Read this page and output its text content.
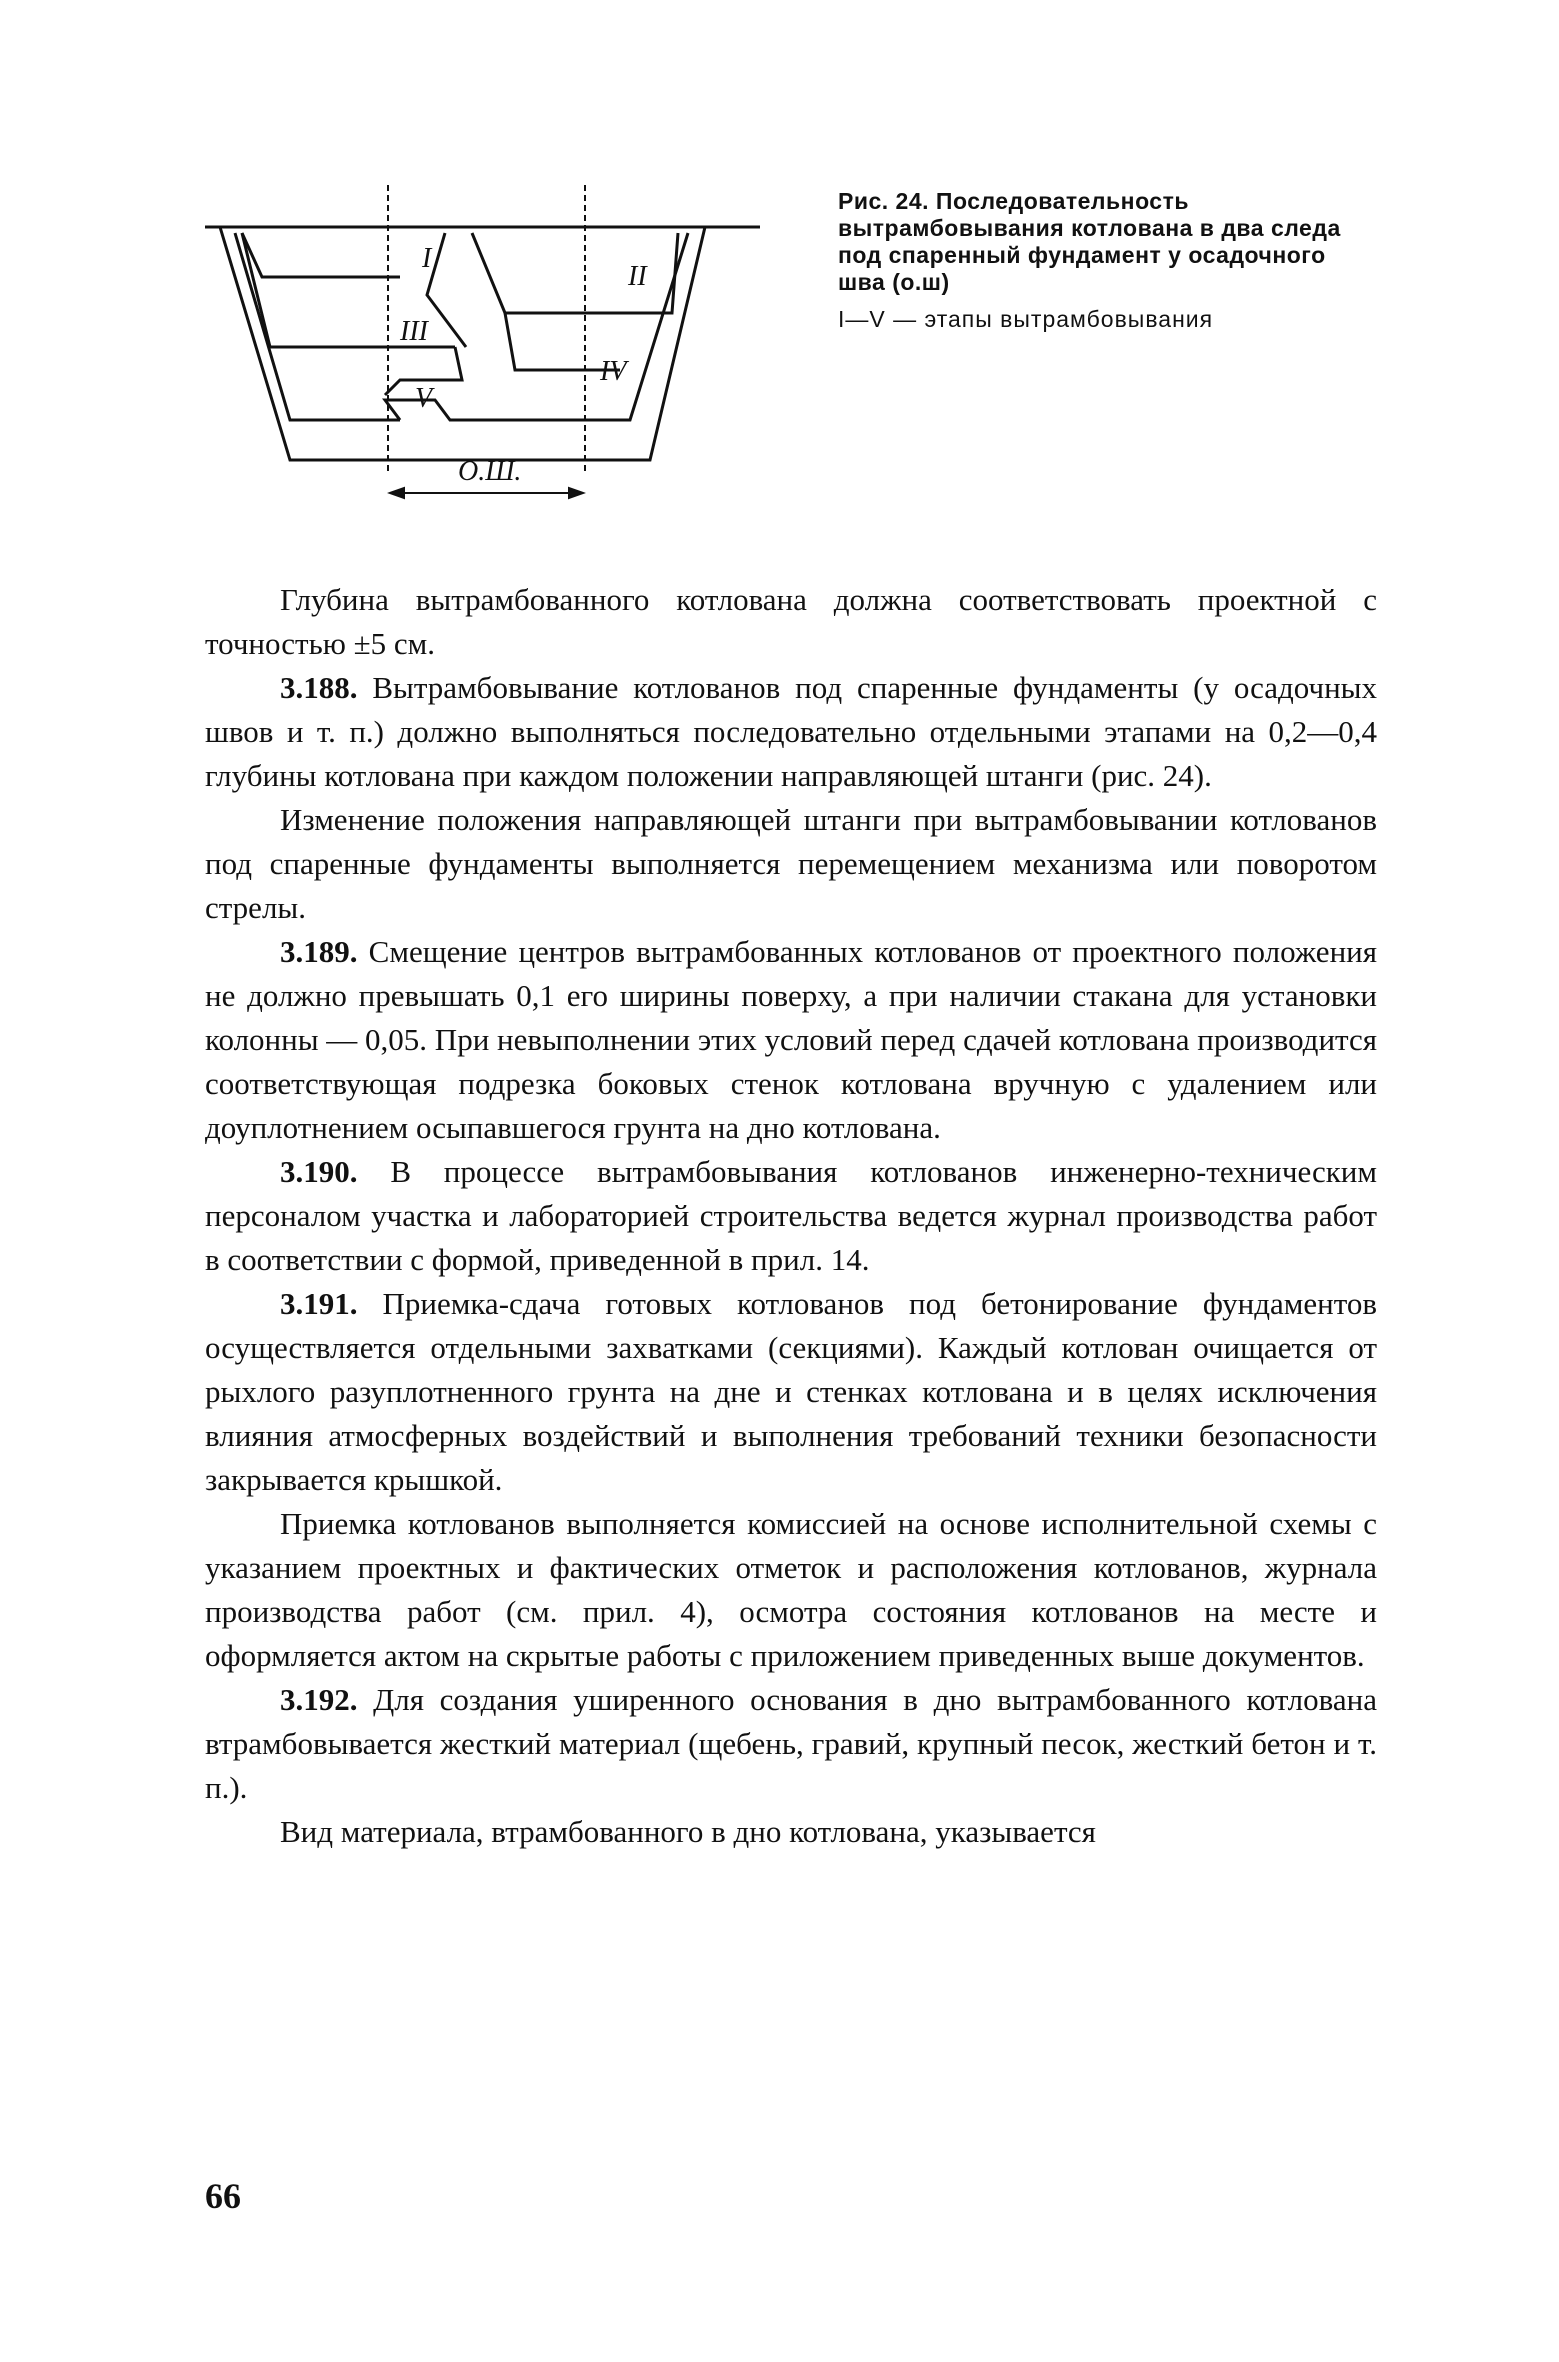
I
II
III
IV
V
О.Ш.
Рис. 24. Последовательность вытрамбовывания котлована в два следа под спаренный фундамент у осадочного шва (о.ш)
I—V — этапы вытрамбовывания

Глубина вытрамбованного котлована должна соответствовать проектной с точностью ±5 см.

3.188. Вытрамбовывание котлованов под спаренные фундаменты (у осадочных швов и т. п.) должно выполняться последовательно отдельными этапами на 0,2—0,4 глубины котлована при каждом положении направляющей штанги (рис. 24).

Изменение положения направляющей штанги при вытрамбовывании котлованов под спаренные фундаменты выполняется перемещением механизма или поворотом стрелы.

3.189. Смещение центров вытрамбованных котлованов от проектного положения не должно превышать 0,1 его ширины поверху, а при наличии стакана для установки колонны — 0,05. При невыполнении этих условий перед сдачей котлована производится соответствующая подрезка боковых стенок котлована вручную с удалением или доуплотнением осыпавшегося грунта на дно котлована.

3.190. В процессе вытрамбовывания котлованов инженерно-техническим персоналом участка и лабораторией строительства ведется журнал производства работ в соответствии с формой, приведенной в прил. 14.

3.191. Приемка-сдача готовых котлованов под бетонирование фундаментов осуществляется отдельными захватками (секциями). Каждый котлован очищается от рыхлого разуплотненного грунта на дне и стенках котлована и в целях исключения влияния атмосферных воздействий и выполнения требований техники безопасности закрывается крышкой.

Приемка котлованов выполняется комиссией на основе исполнительной схемы с указанием проектных и фактических отметок и расположения котлованов, журнала производства работ (см. прил. 4), осмотра состояния котлованов на месте и оформляется актом на скрытые работы с приложением приведенных выше документов.

3.192. Для создания уширенного основания в дно вытрамбованного котлована втрамбовывается жесткий материал (щебень, гравий, крупный песок, жесткий бетон и т. п.).

Вид материала, втрамбованного в дно котлована, указывается

66
